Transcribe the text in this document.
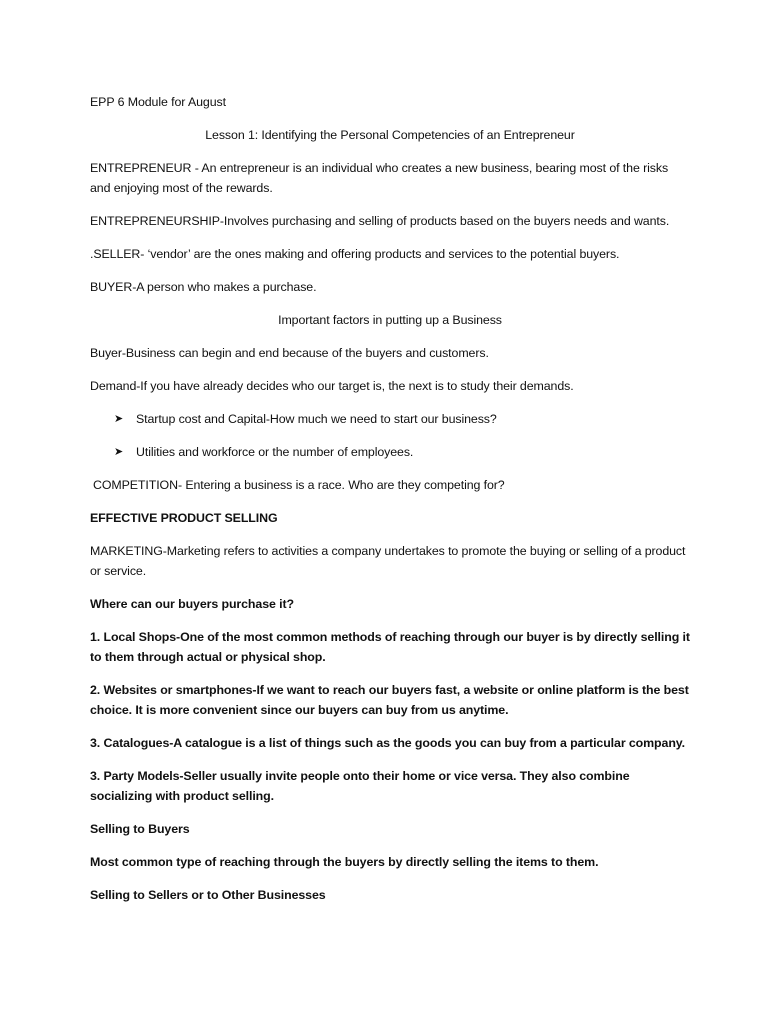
EPP 6 Module for August

Lesson 1: Identifying the Personal Competencies of an Entrepreneur

ENTREPRENEUR - An entrepreneur is an individual who creates a new business, bearing most of the risks and enjoying most of the rewards.

ENTREPRENEURSHIP-Involves purchasing and selling of products based on the buyers needs and wants.

.SELLER- ‘vendor’ are the ones making and offering products and services to the potential buyers.

BUYER-A person who makes a purchase.

Important factors in putting up a Business

Buyer-Business can begin and end because of the buyers and customers.

Demand-If you have already decides who our target is, the next is to study their demands.

➤ Startup cost and Capital-How much we need to start our business?
➤ Utilities and workforce or the number of employees.

COMPETITION- Entering a business is a race. Who are they competing for?

EFFECTIVE PRODUCT SELLING

MARKETING-Marketing refers to activities a company undertakes to promote the buying or selling of a product or service.

Where can our buyers purchase it?

1. Local Shops-One of the most common methods of reaching through our buyer is by directly selling it to them through actual or physical shop.

2. Websites or smartphones-If we want to reach our buyers fast, a website or online platform is the best choice. It is more convenient since our buyers can buy from us anytime.

3. Catalogues-A catalogue is a list of things such as the goods you can buy from a particular company.

3. Party Models-Seller usually invite people onto their home or vice versa. They also combine socializing with product selling.

Selling to Buyers

Most common type of reaching through the buyers by directly selling the items to them.

Selling to Sellers or to Other Businesses
